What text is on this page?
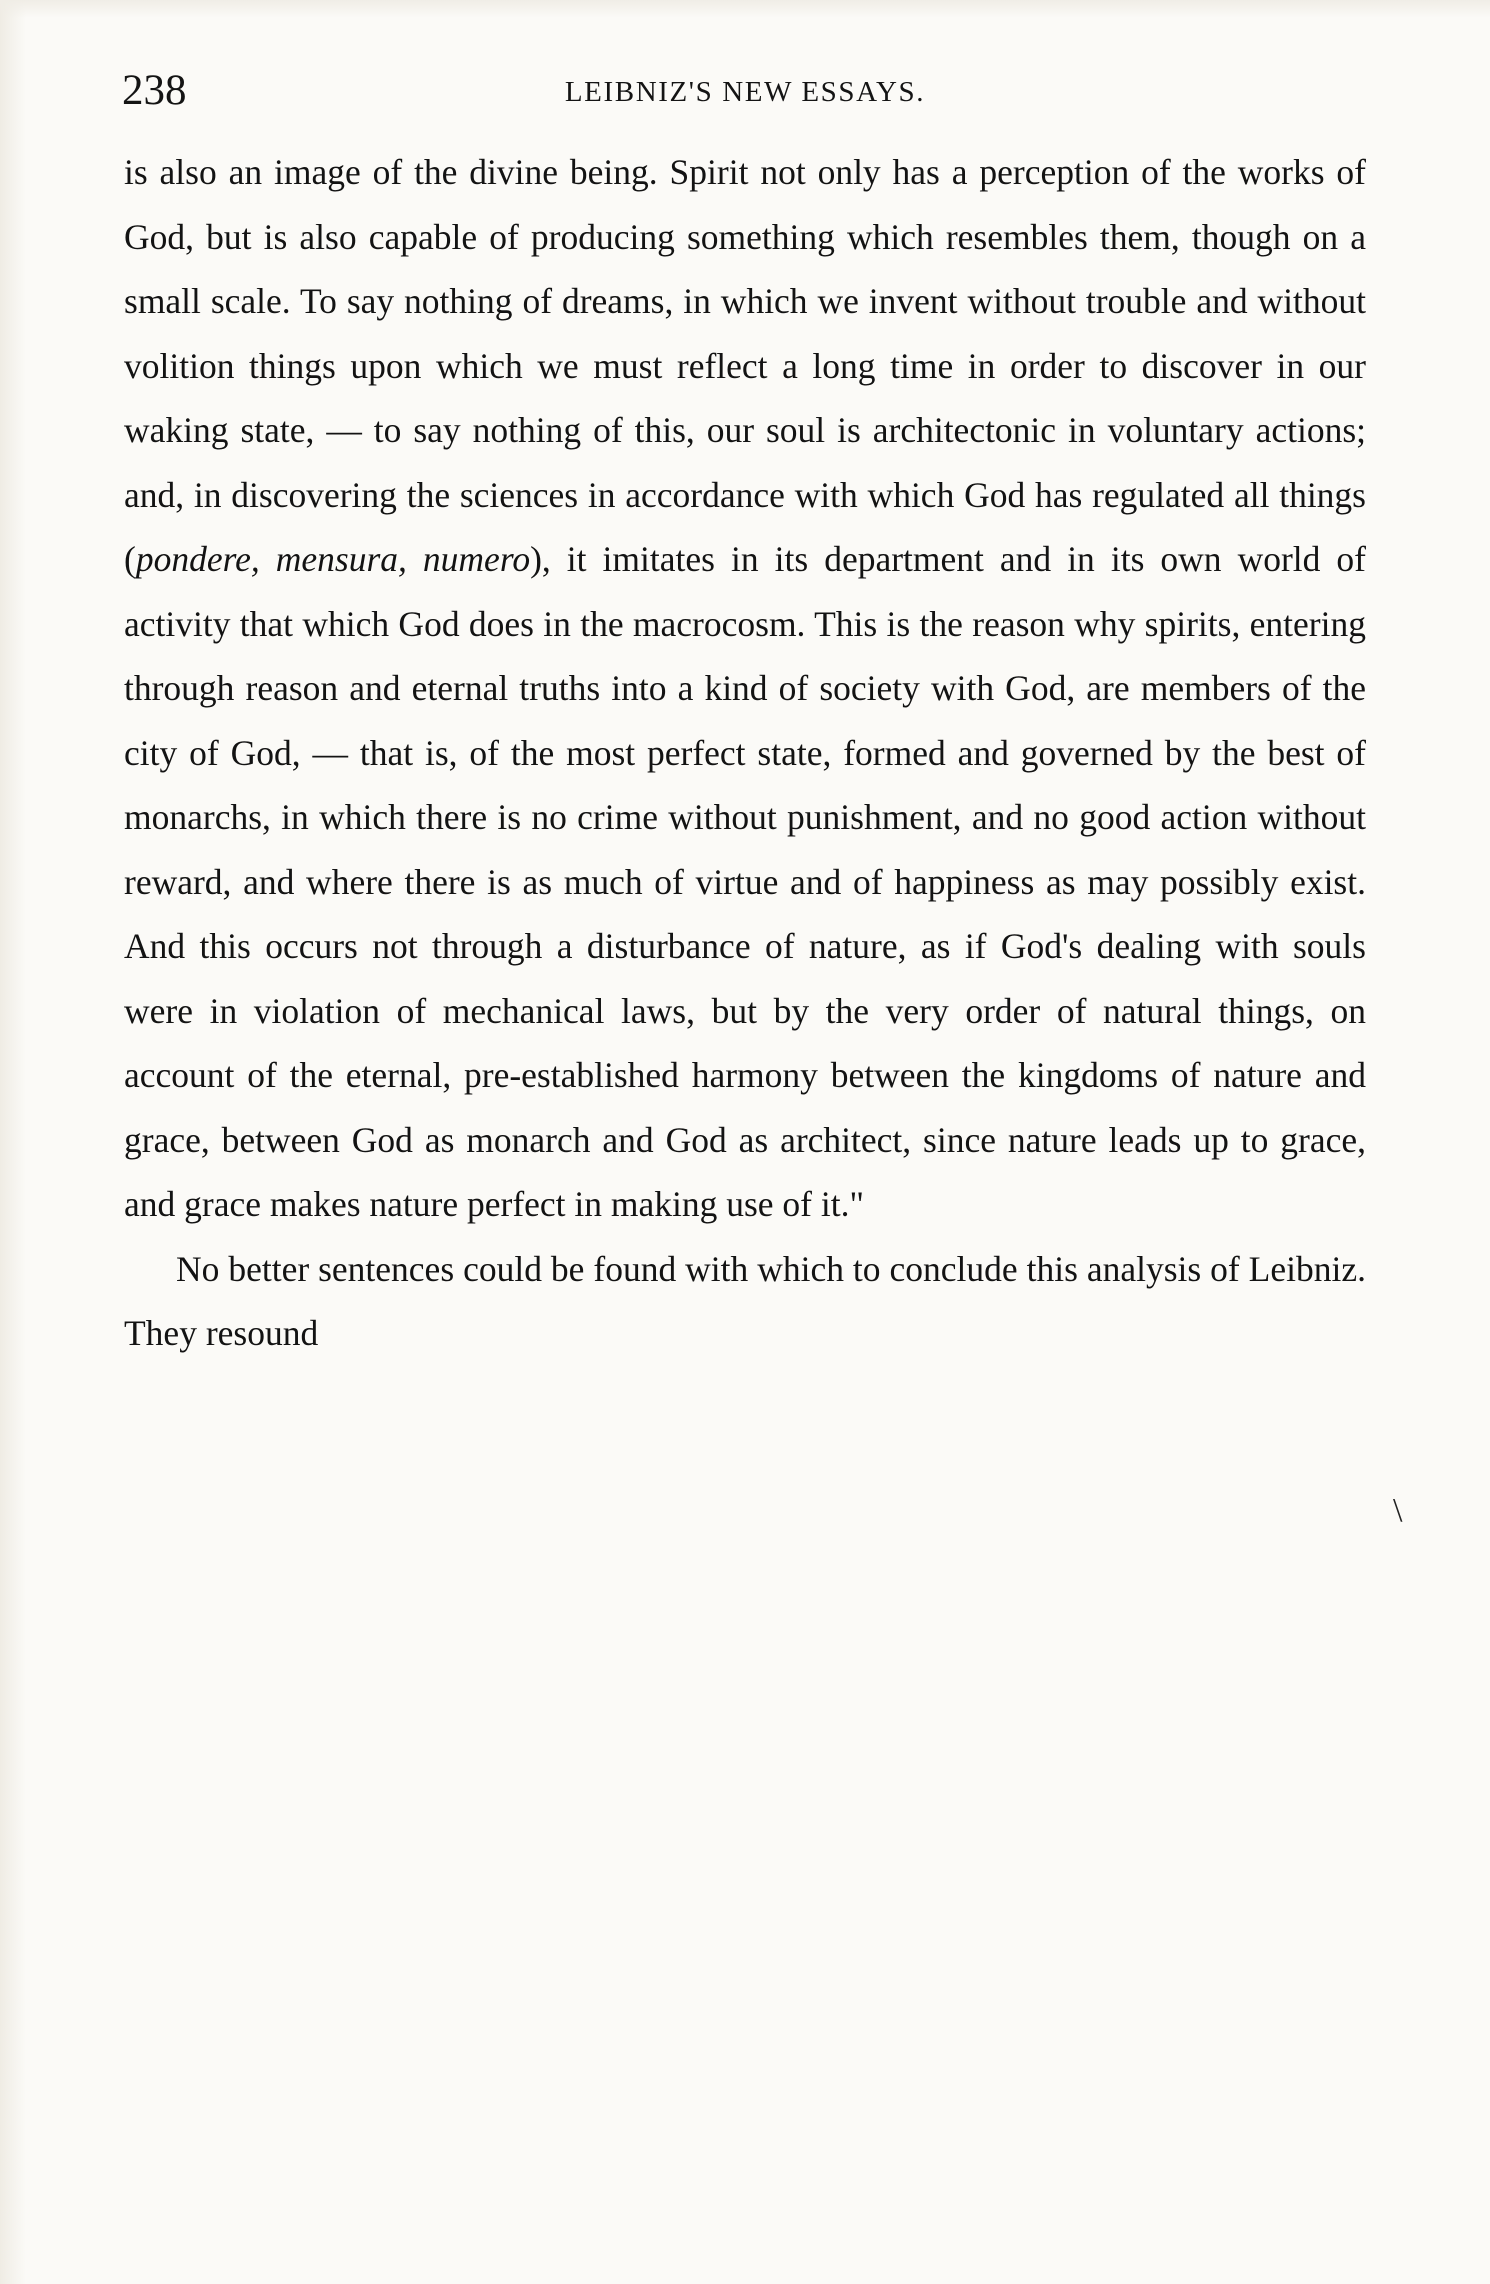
238	LEIBNIZ'S NEW ESSAYS.

is also an image of the divine being. Spirit not only has a perception of the works of God, but is also capable of producing something which resembles them, though on a small scale. To say nothing of dreams, in which we invent without trouble and without volition things upon which we must reflect a long time in order to discover in our waking state, — to say nothing of this, our soul is architectonic in voluntary actions; and, in discovering the sciences in accordance with which God has regulated all things (pondere, mensura, numero), it imitates in its department and in its own world of activity that which God does in the macrocosm. This is the reason why spirits, entering through reason and eternal truths into a kind of society with God, are members of the city of God, — that is, of the most perfect state, formed and governed by the best of monarchs, in which there is no crime without punishment, and no good action without reward, and where there is as much of virtue and of happiness as may possibly exist. And this occurs not through a disturbance of nature, as if God's dealing with souls were in violation of mechanical laws, but by the very order of natural things, on account of the eternal, pre-established harmony between the kingdoms of nature and grace, between God as monarch and God as architect, since nature leads up to grace, and grace makes nature perfect in making use of it."

No better sentences could be found with which to conclude this analysis of Leibniz. They resound

\
